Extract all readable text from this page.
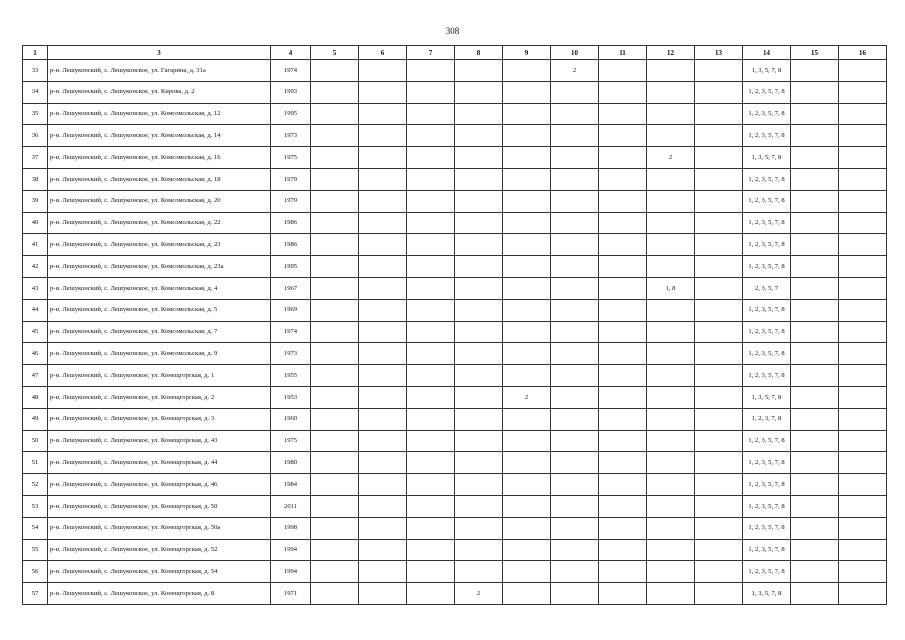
308
1	3	4	5	6	7	8	9	10	11	12	13	14	15	16
33	р-н. Лешуконский, с. Лешуконское, ул. Гагарина, д. 31а	1974						2				1, 3, 5, 7, 8		
34	р-н. Лешуконский, с. Лешуконское, ул. Кирова, д. 2	1993										1, 2, 3, 5, 7, 8		
35	р-н. Лешуконский, с. Лешуконское, ул. Комсомольская, д. 12	1995										1, 2, 3, 5, 7, 8		
36	р-н. Лешуконский, с. Лешуконское, ул. Комсомольская, д. 14	1973										1, 2, 3, 5, 7, 8		
37	р-н. Лешуконский, с. Лешуконское, ул. Комсомольская, д. 16	1975								2		1, 3, 5, 7, 8		
38	р-н. Лешуконский, с. Лешуконское, ул. Комсомольская, д. 18	1979										1, 2, 3, 5, 7, 8		
39	р-н. Лешуконский, с. Лешуконское, ул. Комсомольская, д. 20	1979										1, 2, 3, 5, 7, 8		
40	р-н. Лешуконский, с. Лешуконское, ул. Комсомольская, д. 22	1986										1, 2, 3, 5, 7, 8		
41	р-н. Лешуконский, с. Лешуконское, ул. Комсомольская, д. 23	1986										1, 2, 3, 5, 7, 8		
42	р-н. Лешуконский, с. Лешуконское, ул. Комсомольская, д. 23а	1995										1, 2, 3, 5, 7, 8		
43	р-н. Лешуконский, с. Лешуконское, ул. Комсомольская, д. 4	1967								1, 8		2, 3, 5, 7		
44	р-н. Лешуконский, с. Лешуконское, ул. Комсомольская, д. 5	1969										1, 2, 3, 5, 7, 8		
45	р-н. Лешуконский, с. Лешуконское, ул. Комсомольская, д. 7	1974										1, 2, 3, 5, 7, 8		
46	р-н. Лешуконский, с. Лешуконское, ул. Комсомольская, д. 9	1973										1, 2, 3, 5, 7, 8		
47	р-н. Лешуконский, с. Лешуконское, ул. Конещгорская, д. 1	1955										1, 2, 3, 5, 7, 8		
48	р-н. Лешуконский, с. Лешуконское, ул. Конещгорская, д. 2	1953					2					1, 3, 5, 7, 8		
49	р-н. Лешуконский, с. Лешуконское, ул. Конещгорская, д. 3	1960										1, 2, 3, 7, 8		
50	р-н. Лешуконский, с. Лешуконское, ул. Конещгорская, д. 43	1975										1, 2, 3, 5, 7, 8		
51	р-н. Лешуконский, с. Лешуконское, ул. Конещгорская, д. 44	1980										1, 2, 3, 5, 7, 8		
52	р-н. Лешуконский, с. Лешуконское, ул. Конещгорская, д. 46	1984										1, 2, 3, 5, 7, 8		
53	р-н. Лешуконский, с. Лешуконское, ул. Конещгорская, д. 50	2011										1, 2, 3, 5, 7, 8		
54	р-н. Лешуконский, с. Лешуконское, ул. Конещгорская, д. 50а	1998										1, 2, 3, 5, 7, 8		
55	р-н. Лешуконский, с. Лешуконское, ул. Конещгорская, д. 52	1994										1, 2, 3, 5, 7, 8		
56	р-н. Лешуконский, с. Лешуконское, ул. Конещгорская, д. 54	1994										1, 2, 3, 5, 7, 8		
57	р-н. Лешуконский, с. Лешуконское, ул. Конещгорская, д. 8	1971				2						1, 3, 5, 7, 8		
